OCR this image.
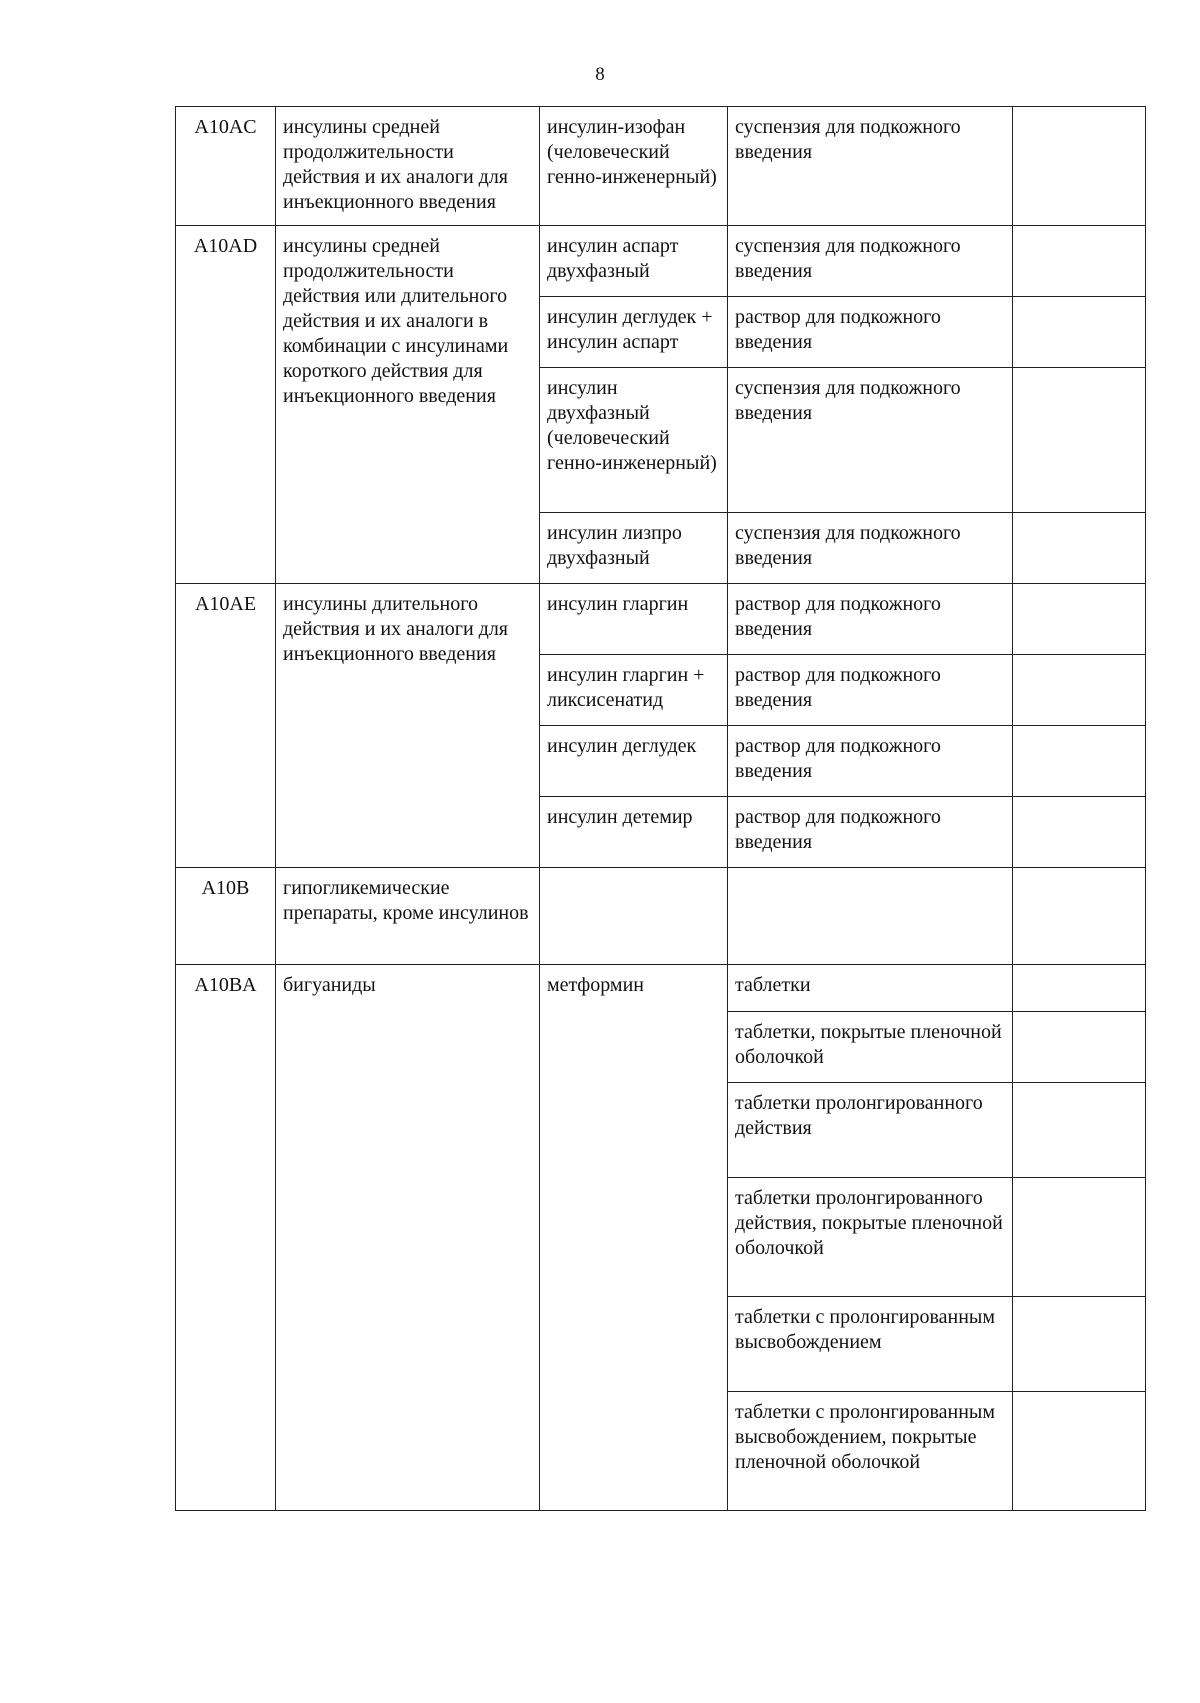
8
A10AC	инсулины средней продолжительности действия и их аналоги для инъекционного введения	инсулин-изофан (человеческий генно-инженерный)	суспензия для подкожного введения	
A10AD	инсулины средней продолжительности действия или длительного действия и их аналоги в комбинации с инсулинами короткого действия для инъекционного введения	инсулин аспарт двухфазный	суспензия для подкожного введения	
		инсулин деглудек + инсулин аспарт	раствор для подкожного введения	
		инсулин двухфазный (человеческий генно-инженерный)	суспензия для подкожного введения	
		инсулин лизпро двухфазный	суспензия для подкожного введения	
A10AE	инсулины длительного действия и их аналоги для инъекционного введения	инсулин гларгин	раствор для подкожного введения	
		инсулин гларгин + ликсисенатид	раствор для подкожного введения	
		инсулин деглудек	раствор для подкожного введения	
		инсулин детемир	раствор для подкожного введения	
A10B	гипогликемические препараты, кроме инсулинов			
A10BA	бигуаниды	метформин	таблетки	
			таблетки, покрытые пленочной оболочкой	
			таблетки пролонгированного действия	
			таблетки пролонгированного действия, покрытые пленочной оболочкой	
			таблетки с пролонгированным высвобождением	
			таблетки с пролонгированным высвобождением, покрытые пленочной оболочкой	
